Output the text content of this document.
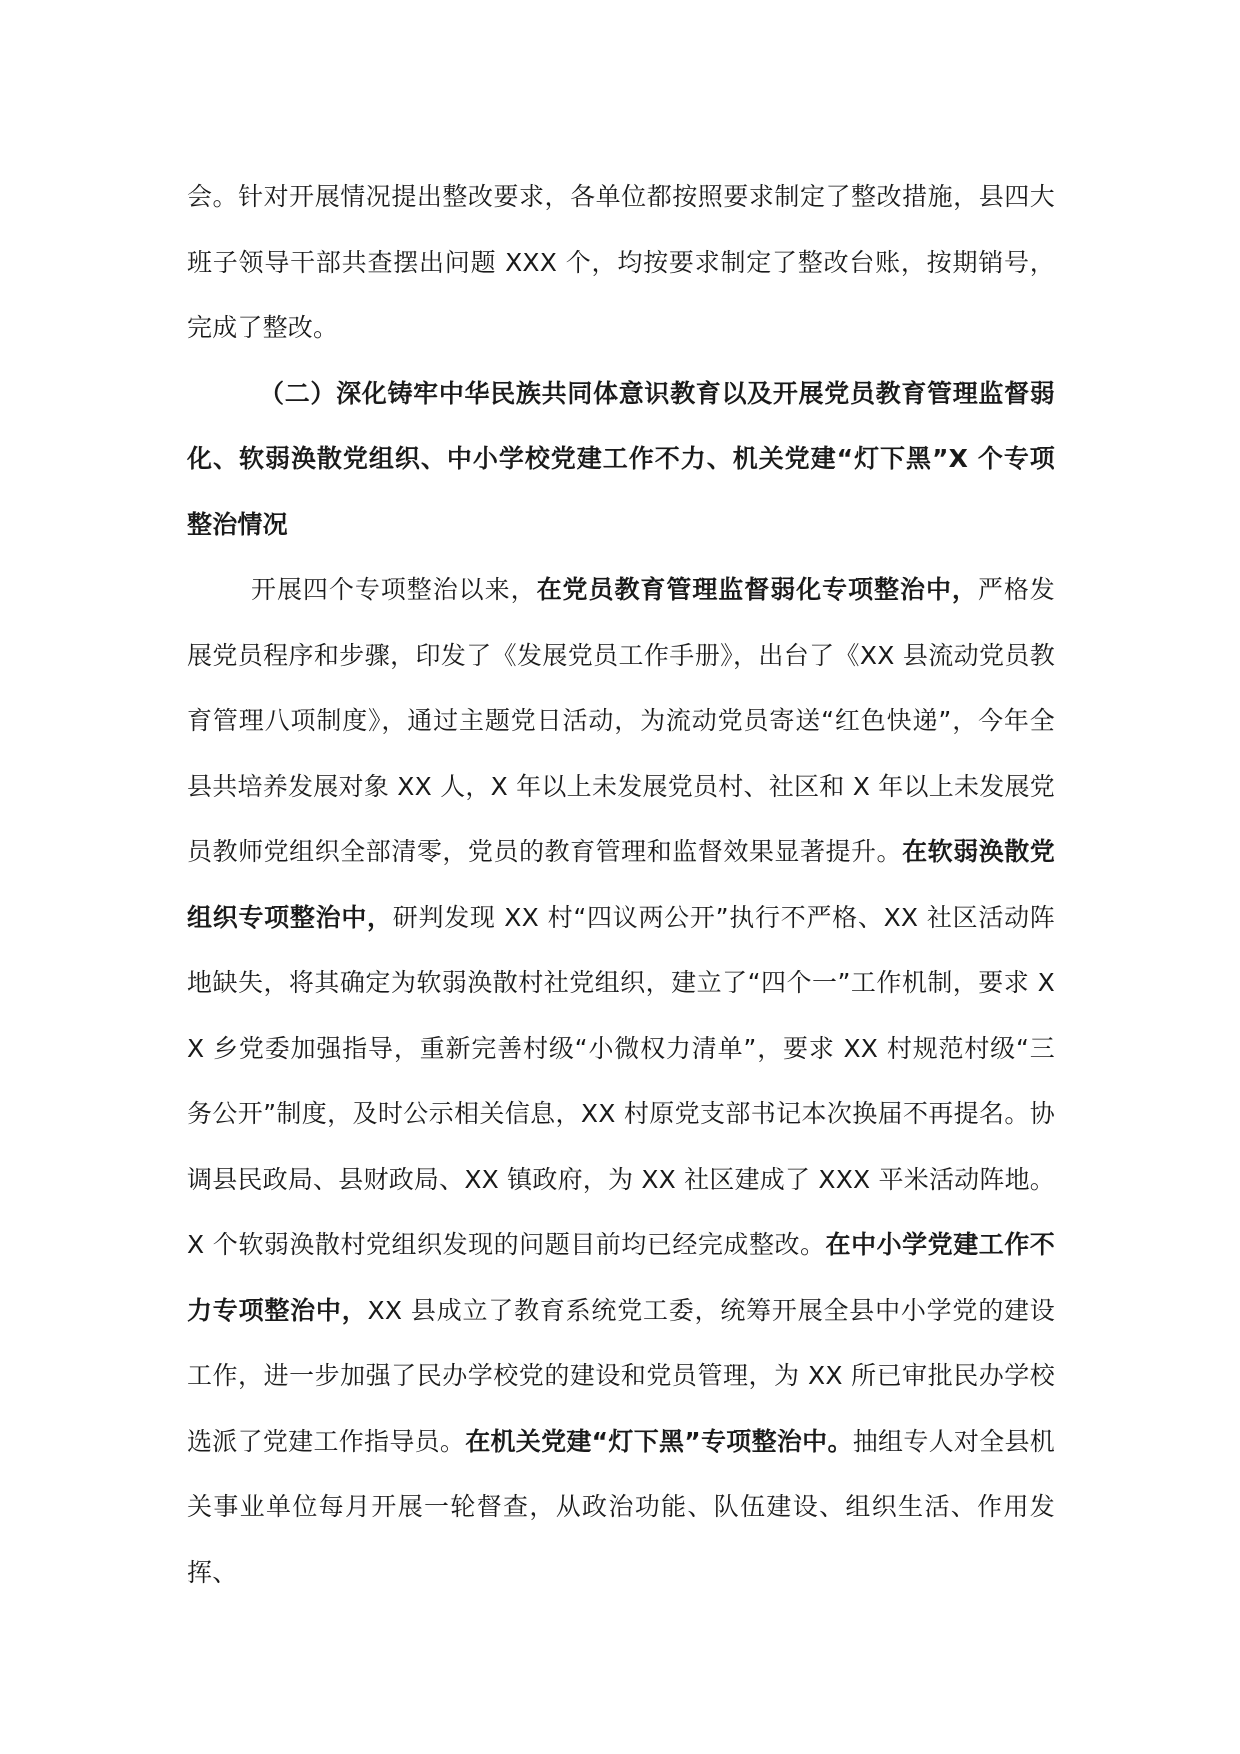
会。针对开展情况提出整改要求，各单位都按照要求制定了整改措施，县四大班子领导干部共查摆出问题 XXX 个，均按要求制定了整改台账，按期销号，完成了整改。

（二）深化铸牢中华民族共同体意识教育以及开展党员教育管理监督弱化、软弱涣散党组织、中小学校党建工作不力、机关党建“灯下黑”X 个专项整治情况

开展四个专项整治以来，在党员教育管理监督弱化专项整治中，严格发展党员程序和步骤，印发了《发展党员工作手册》，出台了《XX 县流动党员教育管理八项制度》，通过主题党日活动，为流动党员寄送“红色快递”，今年全县共培养发展对象 XX 人，X 年以上未发展党员村、社区和 X 年以上未发展党员教师党组织全部清零，党员的教育管理和监督效果显著提升。在软弱涣散党组织专项整治中，研判发现 XX 村“四议两公开”执行不严格、XX 社区活动阵地缺失，将其确定为软弱涣散村社党组织，建立了“四个一”工作机制，要求 XX 乡党委加强指导，重新完善村级“小微权力清单”，要求 XX 村规范村级“三务公开”制度，及时公示相关信息，XX 村原党支部书记本次换届不再提名。协调县民政局、县财政局、XX 镇政府，为 XX 社区建成了 XXX 平米活动阵地。X 个软弱涣散村党组织发现的问题目前均已经完成整改。在中小学党建工作不力专项整治中，XX 县成立了教育系统党工委，统筹开展全县中小学党的建设工作，进一步加强了民办学校党的建设和党员管理，为 XX 所已审批民办学校选派了党建工作指导员。在机关党建“灯下黑”专项整治中。抽组专人对全县机关事业单位每月开展一轮督查，从政治功能、队伍建设、组织生活、作用发挥、
